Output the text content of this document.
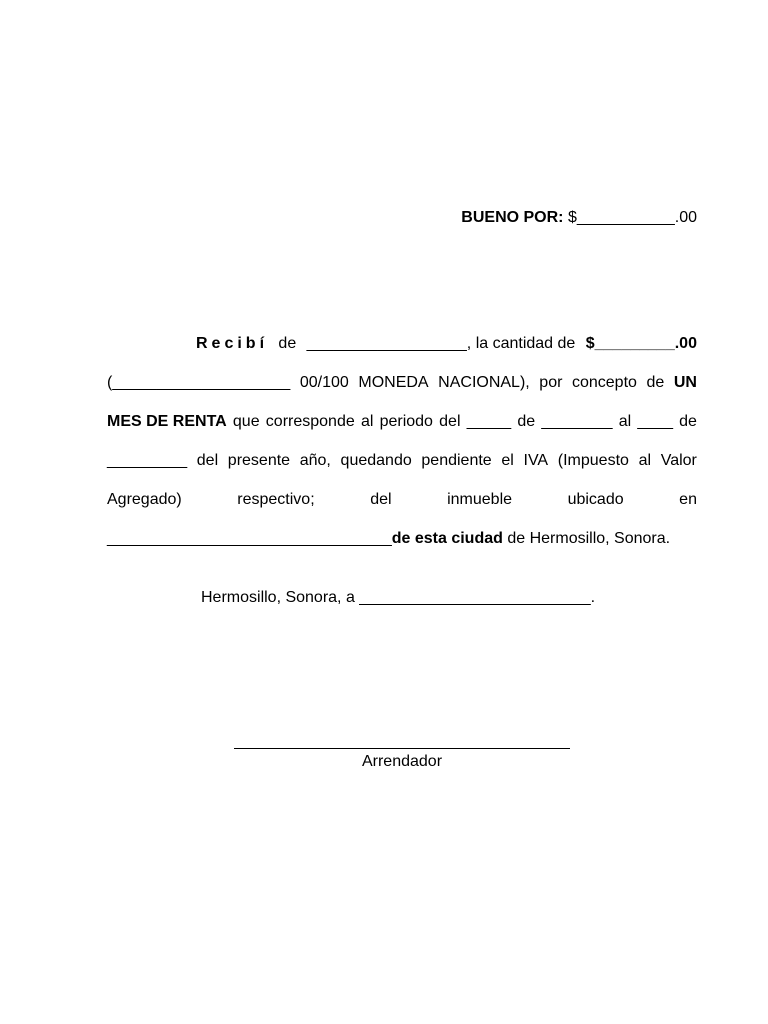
BUENO POR: $___________.00
Recibí de __________________, la cantidad de $_________.00
(____________________ 00/100 MONEDA NACIONAL), por concepto de UN
MES DE RENTA que corresponde al periodo del _____ de ________ al ____ de
_________ del presente año, quedando pendiente el IVA (Impuesto al Valor
Agregado)	respectivo;	del	inmueble	ubicado	en
________________________________ de esta ciudad de Hermosillo, Sonora.
Hermosillo, Sonora, a __________________________.
Arrendador
